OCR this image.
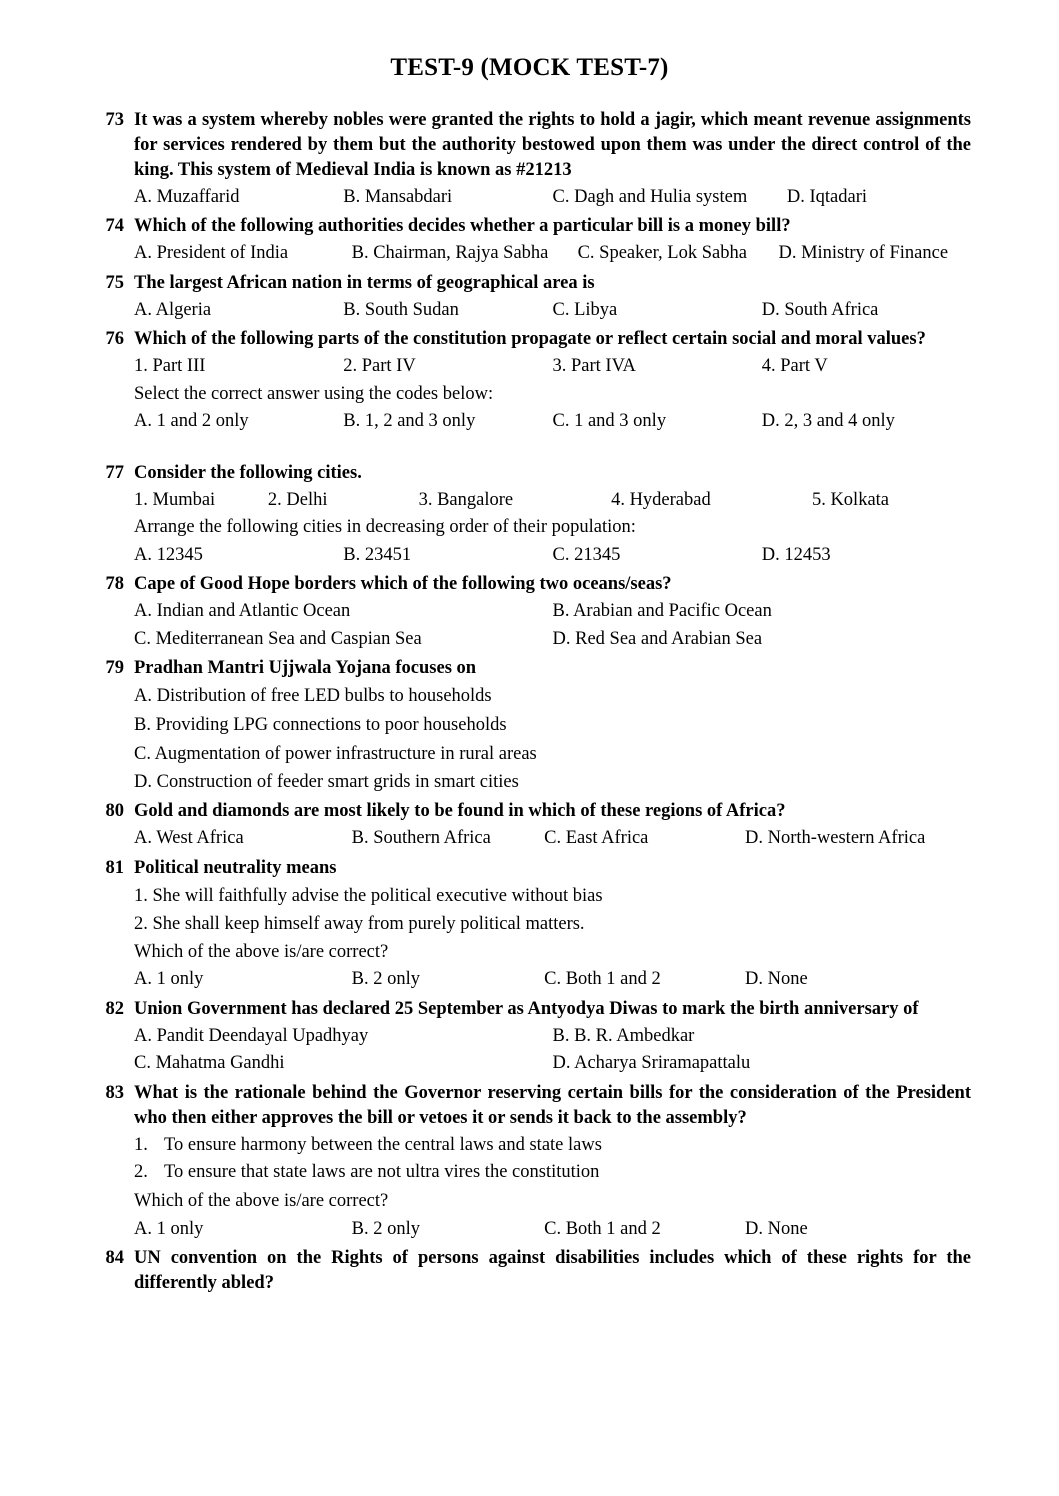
TEST-9 (MOCK TEST-7)
73 It was a system whereby nobles were granted the rights to hold a jagir, which meant revenue assignments for services rendered by them but the authority bestowed upon them was under the direct control of the king. This system of Medieval India is known as #21213

A. Muzaffarid	B. Mansabdari	C. Dagh and Hulia system	D. Iqtadari
74 Which of the following authorities decides whether a particular bill is a money bill?

A. President of India	B. Chairman, Rajya Sabha	C. Speaker, Lok Sabha	D. Ministry of Finance
75 The largest African nation in terms of geographical area is

A. Algeria	B. South Sudan	C. Libya	D. South Africa
76 Which of the following parts of the constitution propagate or reflect certain social and moral values?

1. Part III	2. Part IV	3. Part IVA	4. Part V
Select the correct answer using the codes below:
A. 1 and 2 only	B. 1, 2 and 3 only	C. 1 and 3 only	D. 2, 3 and 4 only
77 Consider the following cities.

1. Mumbai	2. Delhi	3. Bangalore	4. Hyderabad	5. Kolkata
Arrange the following cities in decreasing order of their population:
A. 12345	B. 23451	C. 21345	D. 12453
78 Cape of Good Hope borders which of the following two oceans/seas?

A. Indian and Atlantic Ocean	B. Arabian and Pacific Ocean
C. Mediterranean Sea and Caspian Sea	D. Red Sea and Arabian Sea
79 Pradhan Mantri Ujjwala Yojana focuses on

A. Distribution of free LED bulbs to households
B. Providing LPG connections to poor households
C. Augmentation of power infrastructure in rural areas
D. Construction of feeder smart grids in smart cities
80 Gold and diamonds are most likely to be found in which of these regions of Africa?

A. West Africa	B. Southern Africa	C. East Africa	D. North-western Africa
81 Political neutrality means

1. She will faithfully advise the political executive without bias
2. She shall keep himself away from purely political matters.
Which of the above is/are correct?
A. 1 only	B. 2 only	C. Both 1 and 2	D. None
82 Union Government has declared 25 September as Antyodya Diwas to mark the birth anniversary of

A. Pandit Deendayal Upadhyay	B. B. R. Ambedkar
C. Mahatma Gandhi	D. Acharya Sriramapattalu
83 What is the rationale behind the Governor reserving certain bills for the consideration of the President who then either approves the bill or vetoes it or sends it back to the assembly?

1. To ensure harmony between the central laws and state laws
2. To ensure that state laws are not ultra vires the constitution
Which of the above is/are correct?
A. 1 only	B. 2 only	C. Both 1 and 2	D. None
84 UN convention on the Rights of persons against disabilities includes which of these rights for the differently abled?
